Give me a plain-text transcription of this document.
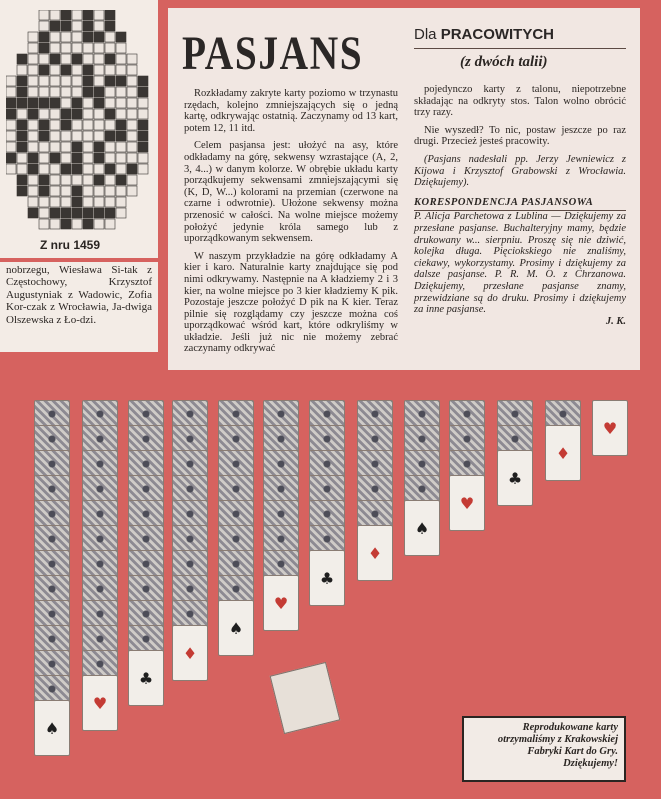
Z nru 1459
nobrzegu, Wiesława Si-tak z Częstochowy, Krzysztof Augustyniak z Wadowic, Zofia Kor-czak z Wrocławia, Ja-dwiga Olszewska z Ło-dzi.
PASJANS	Dla PRACOWITYCH
(z dwóch talii)

Rozkładamy zakryte karty poziomo w trzynastu rzędach, kolejno zmniejszających się o jedną kartę, odkrywając ostatnią. Zaczynamy od 13 kart, potem 12, 11 itd.

Celem pasjansa jest: ułożyć na asy, które odkładamy na górę, sekwensy wzrastające (A, 2, 3, 4...) w danym kolorze. W obrębie układu karty porządkujemy sekwensami zmniejszającymi się (K, D, W...) kolorami na przemian (czerwone na czarne i odwrotnie). Ułożone sekwensy można przenosić w całości. Na wolne miejsce możemy położyć jedynie króla samego lub z uporządkowanym sekwensem.

W naszym przykładzie na górę odkładamy A kier i karo. Naturalnie karty znajdujące się pod nimi odkrywamy. Następnie na A kładziemy 2 i 3 kier, na wolne miejsce po 3 kier kładziemy K pik. Pozostaje jeszcze położyć D pik na K kier. Teraz pilnie się rozglądamy czy jeszcze można coś uporządkować wśród kart, które odkryliśmy w układzie. Jeśli już nic nie możemy zebrać zaczynamy odkrywać

pojedynczo karty z talonu, niepotrzebne składając na odkryty stos. Talon wolno obrócić trzy razy.

Nie wyszedł? To nic, postaw jeszcze po raz drugi. Przecież jesteś pracowity.

(Pasjans nadesłali pp. Jerzy Jewniewicz z Kijowa i Krzysztof Grabowski z Wrocławia. Dziękujemy).

KORESPONDENCJA PASJANSOWA
P. Alicja Parchetowa z Lublina — Dziękujemy za przesłane pasjanse. Buchalteryjny mamy, będzie drukowany w... sierpniu. Proszę się nie dziwić, kolejka długa. Pięciokskiego nie znaliśmy, ciekawy, wykorzystamy. Prosimy i dziękujemy za dalsze pasjanse. P. R. M. O. z Chrzanowa. Dziękujemy, przesłane pasjanse znamy, przewidziane są do druku. Prosimy i dziękujemy za inne pasjanse.
J. K.
♠
♥
♣
♦
♠
♥
♣
♦
♠
♥
♣
♦
♥
Reprodukowane karty otrzymaliśmy z Krakowskiej Fabryki Kart do Gry. Dziękujemy!
